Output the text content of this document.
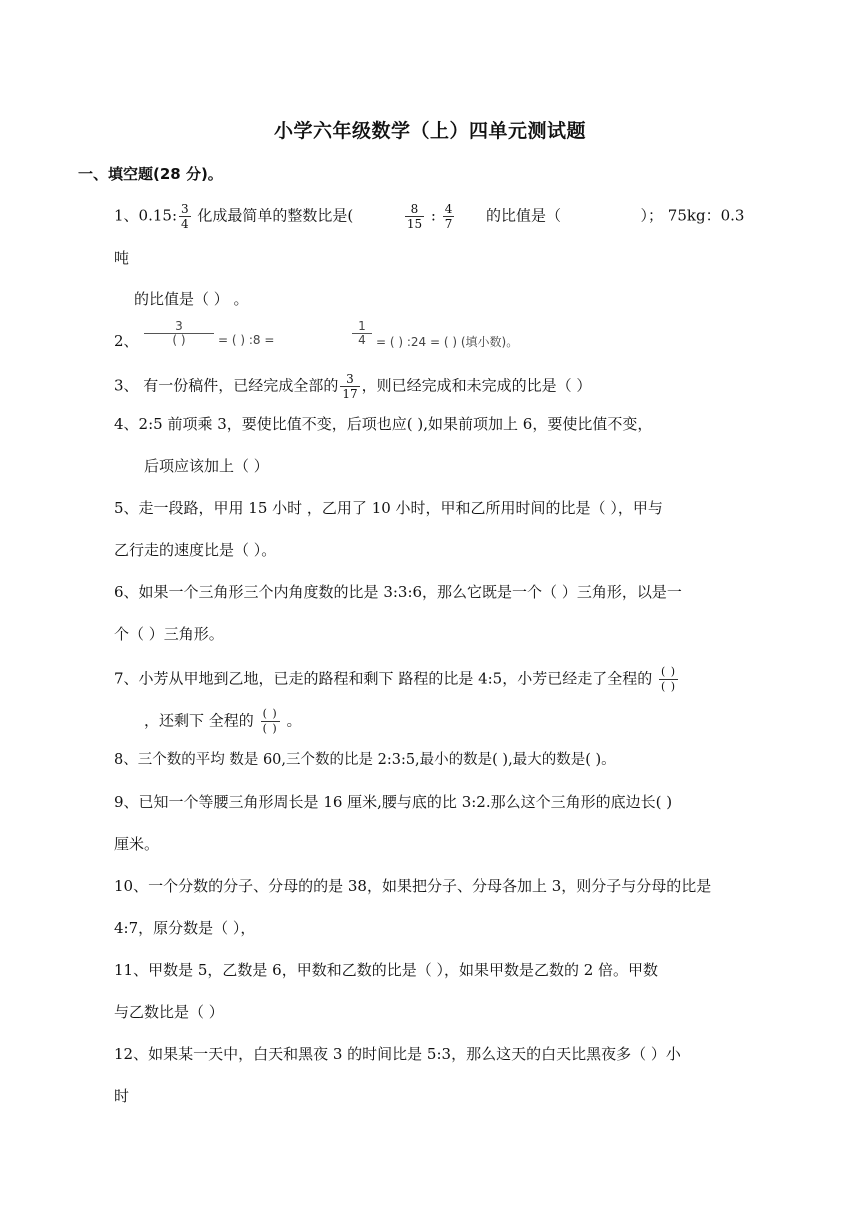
小学六年级数学（上）四单元测试题
一、填空题(28 分)。
1、0.15: $\frac{3}{4}$ 化成最简单的整数比是(	$\frac{8}{15}$ : $\frac{4}{7}$ 的比值是（	）； 75kg：0.3
吨
的比值是（ ） 。
2、
3
( )	= ( ) :8 =	$\frac{1}{4}$ = ( ) :24 = ( ) (填小数)。
3、 有一份稿件，已经完成全部的 $\frac{3}{17}$ ，则已经完成和未完成的比是（ ）
4、2:5 前项乘 3，要使比值不变，后项也应( ),如果前项加上 6，要使比值不变，
后项应该加上（ ）
5、走一段路，甲用 15 小时 ，乙用了 10 小时，甲和乙所用时间的比是（ ），甲与
乙行走的速度比是（ ）。
6、如果一个三角形三个内角度数的比是 3:3:6，那么它既是一个（ ）三角形，以是一
个（ ）三角形。
7、小芳从甲地到乙地，已走的路程和剩下 路程的比是 4:5，小芳已经走了全程的 $\frac{( )}{( )}$
，还剩下 全程的 $\frac{( )}{( )}$ 。
8、三个数的平均 数是 60,三个数的比是 2:3:5,最小的数是( ),最大的数是( )。
9、已知一个等腰三角形周长是 16 厘米,腰与底的比 3:2.那么这个三角形的底边长( )
厘米。
10、一个分数的分子、分母的的是 38，如果把分子、分母各加上 3，则分子与分母的比是
4:7，原分数是（ ），
11、甲数是 5，乙数是 6，甲数和乙数的比是（ ），如果甲数是乙数的 2 倍。甲数
与乙数比是（ ）
12、如果某一天中，白天和黑夜 3 的时间比是 5:3，那么这天的白天比黑夜多（ ）小
时
